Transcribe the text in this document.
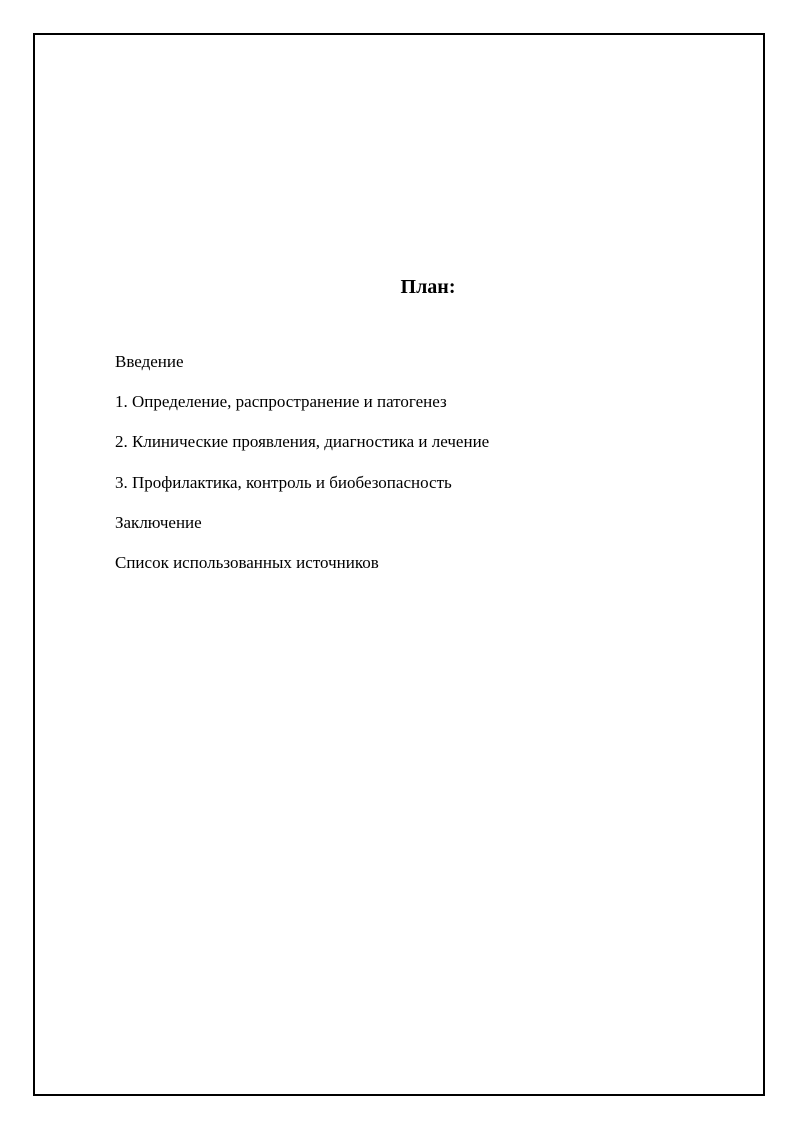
План:
Введение
1. Определение, распространение и патогенез
2. Клинические проявления, диагностика и лечение
3. Профилактика, контроль и биобезопасность
Заключение
Список использованных источников
